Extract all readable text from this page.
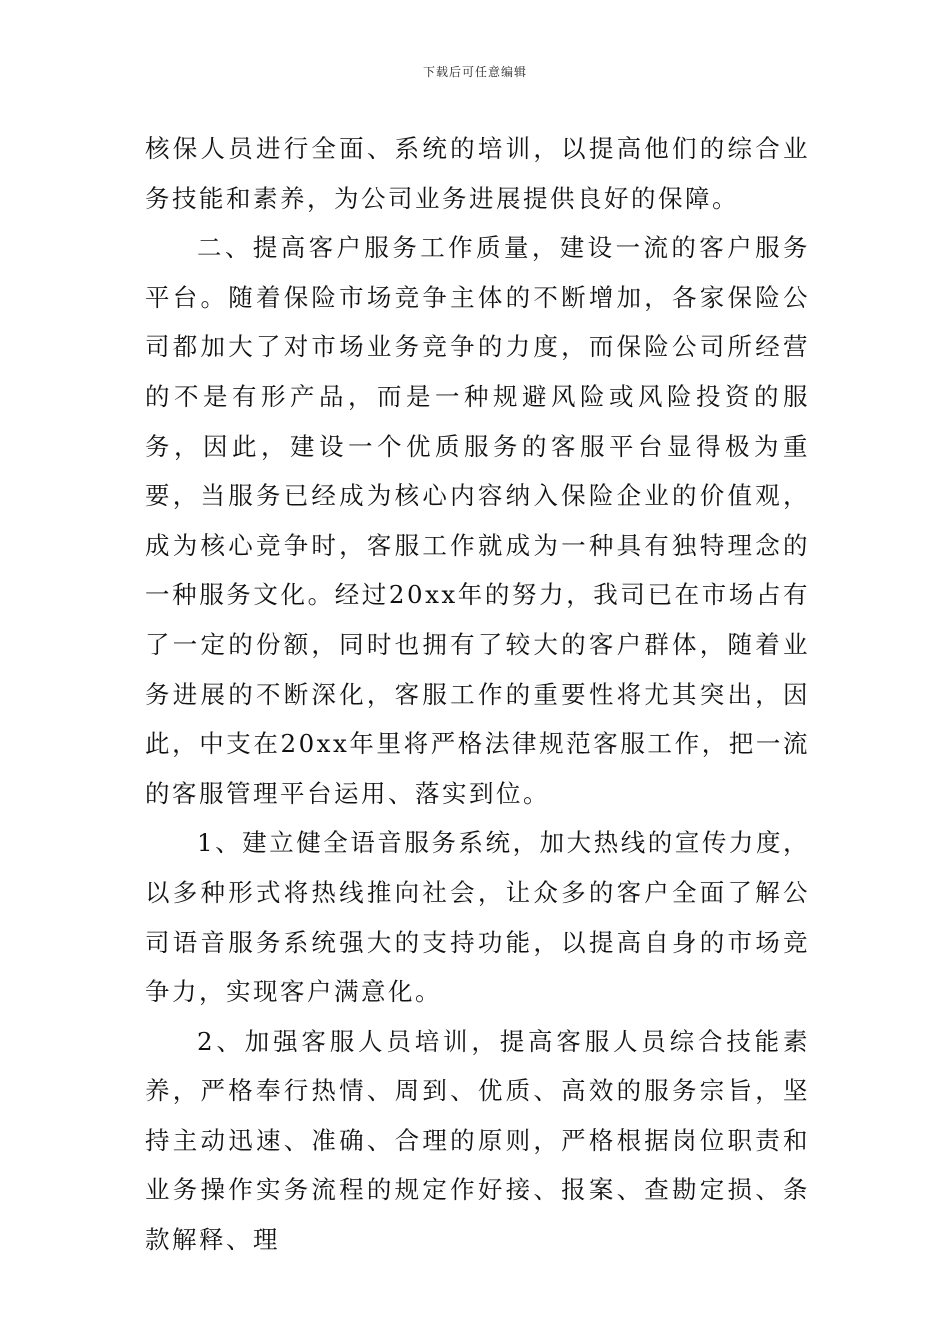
下载后可任意编辑

核保人员进行全面、系统的培训，以提高他们的综合业务技能和素养，为公司业务进展提供良好的保障。

二、提高客户服务工作质量，建设一流的客户服务平台。随着保险市场竞争主体的不断增加，各家保险公司都加大了对市场业务竞争的力度，而保险公司所经营的不是有形产品，而是一种规避风险或风险投资的服务，因此，建设一个优质服务的客服平台显得极为重要，当服务已经成为核心内容纳入保险企业的价值观，成为核心竞争时，客服工作就成为一种具有独特理念的一种服务文化。经过20xx年的努力，我司已在市场占有了一定的份额，同时也拥有了较大的客户群体，随着业务进展的不断深化，客服工作的重要性将尤其突出，因此，中支在20xx年里将严格法律规范客服工作，把一流的客服管理平台运用、落实到位。

1、建立健全语音服务系统，加大热线的宣传力度，以多种形式将热线推向社会，让众多的客户全面了解公司语音服务系统强大的支持功能，以提高自身的市场竞争力，实现客户满意化。

2、加强客服人员培训，提高客服人员综合技能素养，严格奉行热情、周到、优质、高效的服务宗旨，坚持主动迅速、准确、合理的原则，严格根据岗位职责和业务操作实务流程的规定作好接、报案、查勘定损、条款解释、理
